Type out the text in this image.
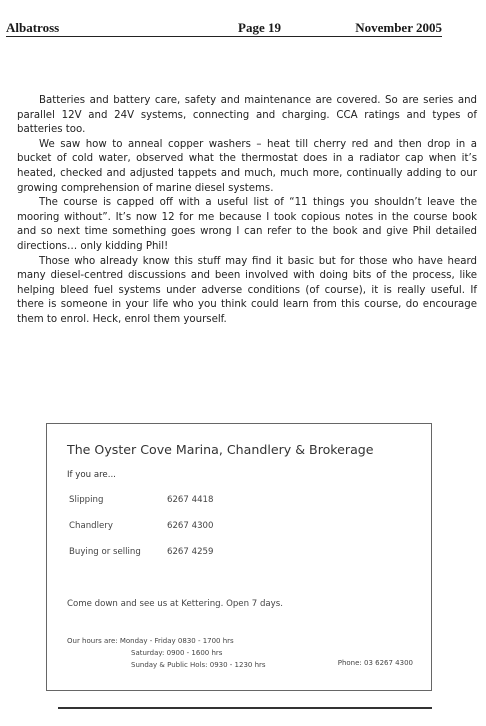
Albatross	Page 19	November 2005

Batteries and battery care, safety and maintenance are covered. So are series and parallel 12V and 24V systems, connecting and charging. CCA ratings and types of batteries too.

We saw how to anneal copper washers – heat till cherry red and then drop in a bucket of cold water, observed what the thermostat does in a radiator cap when it’s heated, checked and adjusted tappets and much, much more, continually adding to our growing comprehension of marine diesel systems.

The course is capped off with a useful list of “11 things you shouldn’t leave the mooring without”. It’s now 12 for me because I took copious notes in the course book and so next time something goes wrong I can refer to the book and give Phil detailed directions… only kidding Phil!

Those who already know this stuff may find it basic but for those who have heard many diesel-centred discussions and been involved with doing bits of the process, like helping bleed fuel systems under adverse conditions (of course), it is really useful. If there is someone in your life who you think could learn from this course, do encourage them to enrol. Heck, enrol them yourself.

The Oyster Cove Marina, Chandlery & Brokerage
If you are...
Slipping	6267 4418
Chandlery	6267 4300
Buying or selling	6267 4259
Come down and see us at Kettering. Open 7 days.
Our hours are: Monday - Friday 0830 - 1700 hrs
Saturday: 0900 - 1600 hrs
Sunday & Public Hols: 0930 - 1230 hrs	Phone: 03 6267 4300
